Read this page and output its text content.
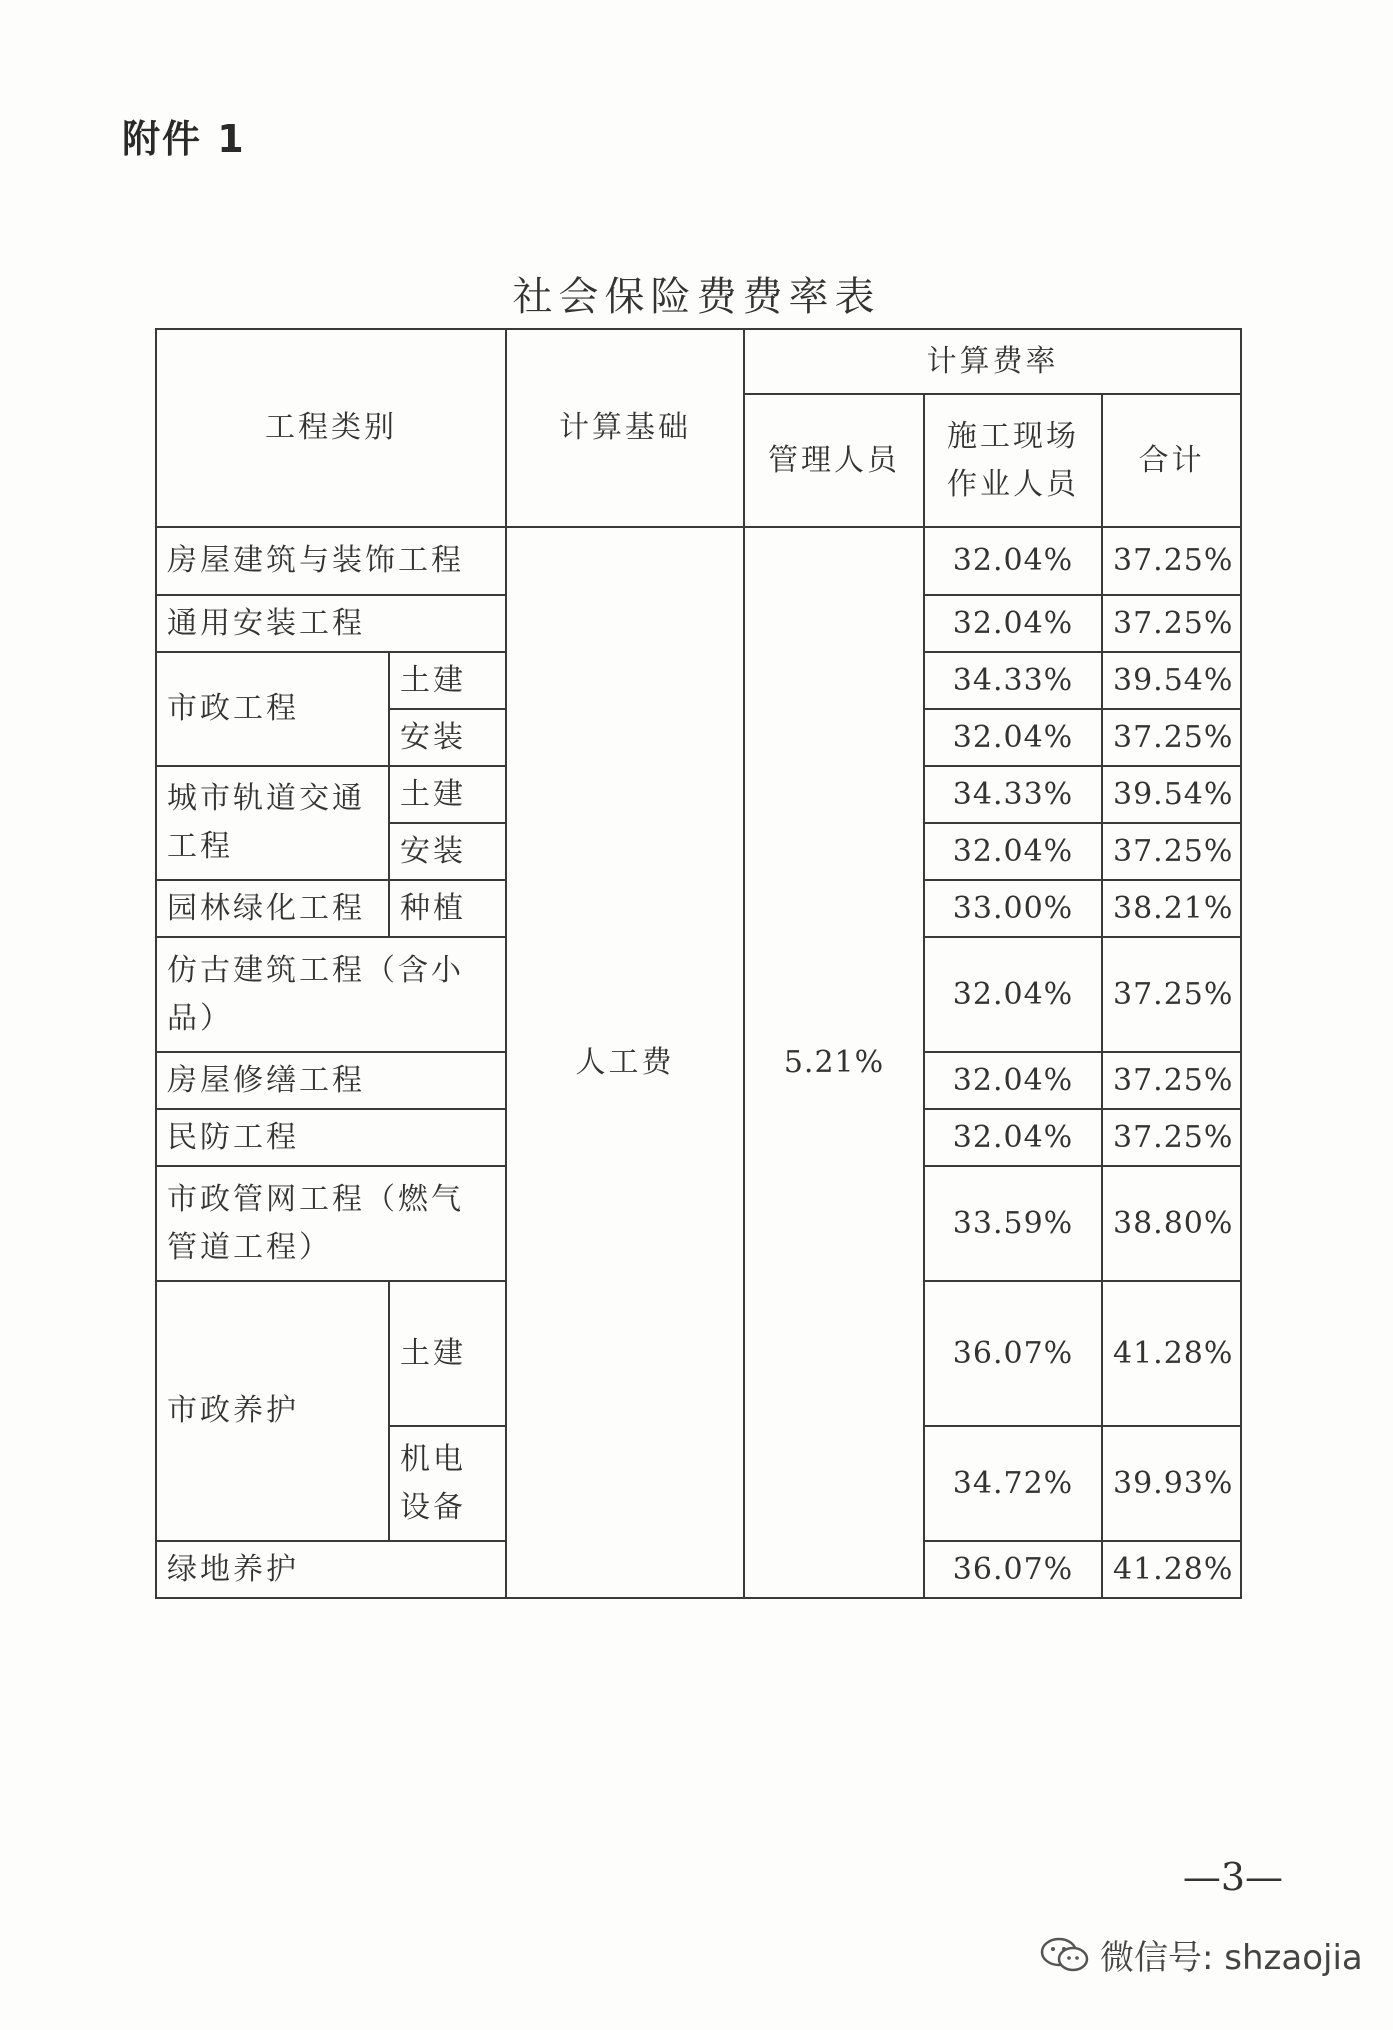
附件 1
社会保险费费率表
工程类别		计算基础	计算费率		
			管理人员	施工现场作业人员	合计
房屋建筑与装饰工程		人工费	5.21%	32.04%	37.25%
通用安装工程				32.04%	37.25%
市政工程	土建			34.33%	39.54%
	安装			32.04%	37.25%
城市轨道交通工程	土建			34.33%	39.54%
	安装			32.04%	37.25%
园林绿化工程	种植			33.00%	38.21%
仿古建筑工程（含小品）				32.04%	37.25%
房屋修缮工程				32.04%	37.25%
民防工程				32.04%	37.25%
市政管网工程（燃气管道工程）				33.59%	38.80%
市政养护	土建			36.07%	41.28%
	机电设备			34.72%	39.93%
绿地养护				36.07%	41.28%
—3—
微信号: shzaojia
